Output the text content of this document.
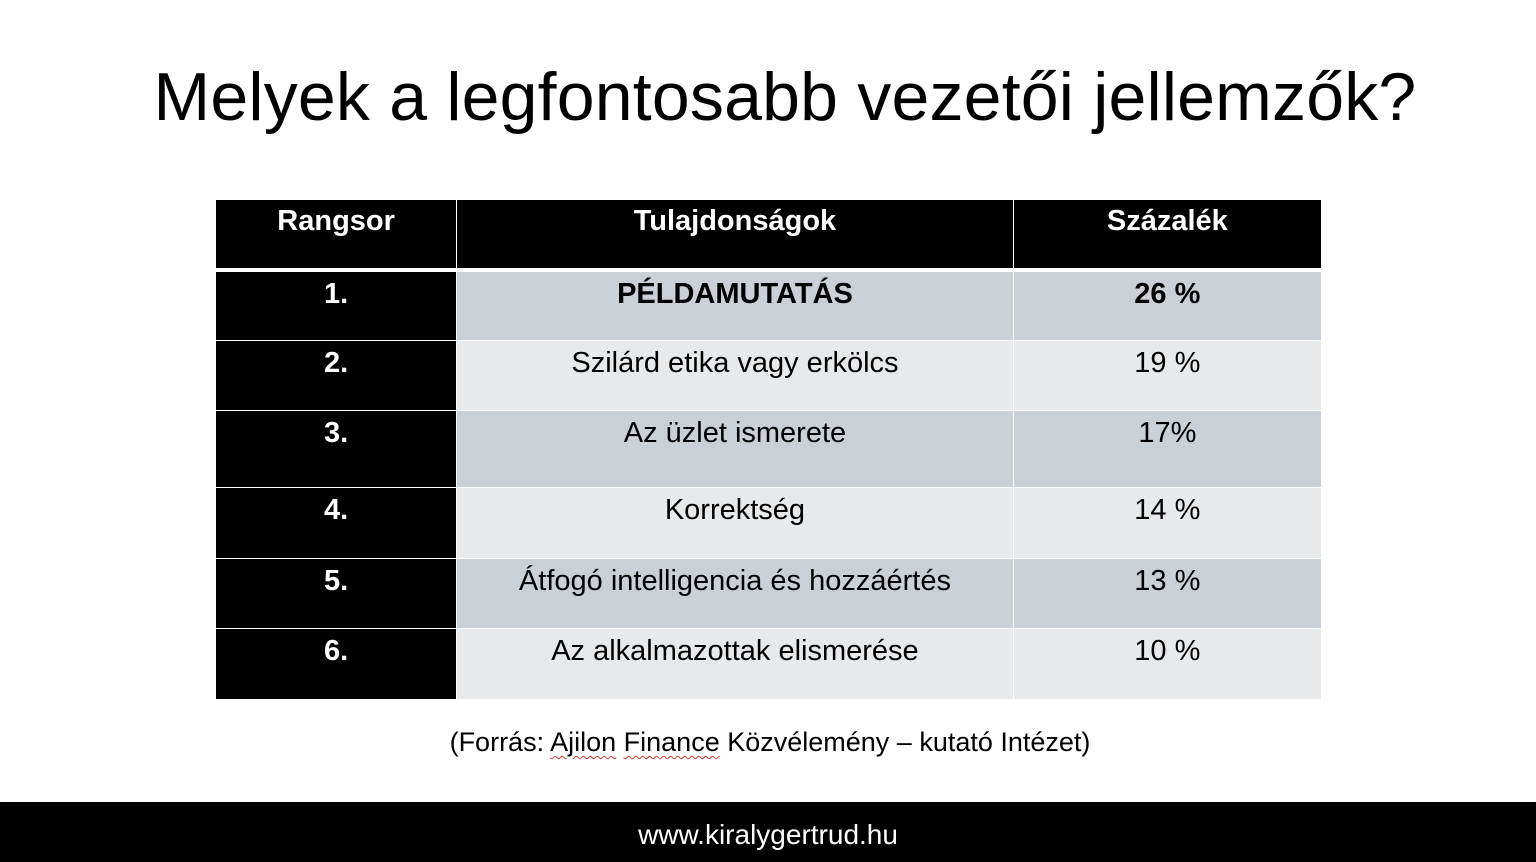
Melyek a legfontosabb vezetői jellemzők?
Rangsor	Tulajdonságok	Százalék
1.	PÉLDAMUTATÁS	26 %
2.	Szilárd etika vagy erkölcs	19 %
3.	Az üzlet ismerete	17%
4.	Korrektség	14 %
5.	Átfogó intelligencia és hozzáértés	13 %
6.	Az alkalmazottak elismerése	10 %
(Forrás: Ajilon Finance Közvélemény – kutató Intézet)
www.kiralygertrud.hu
